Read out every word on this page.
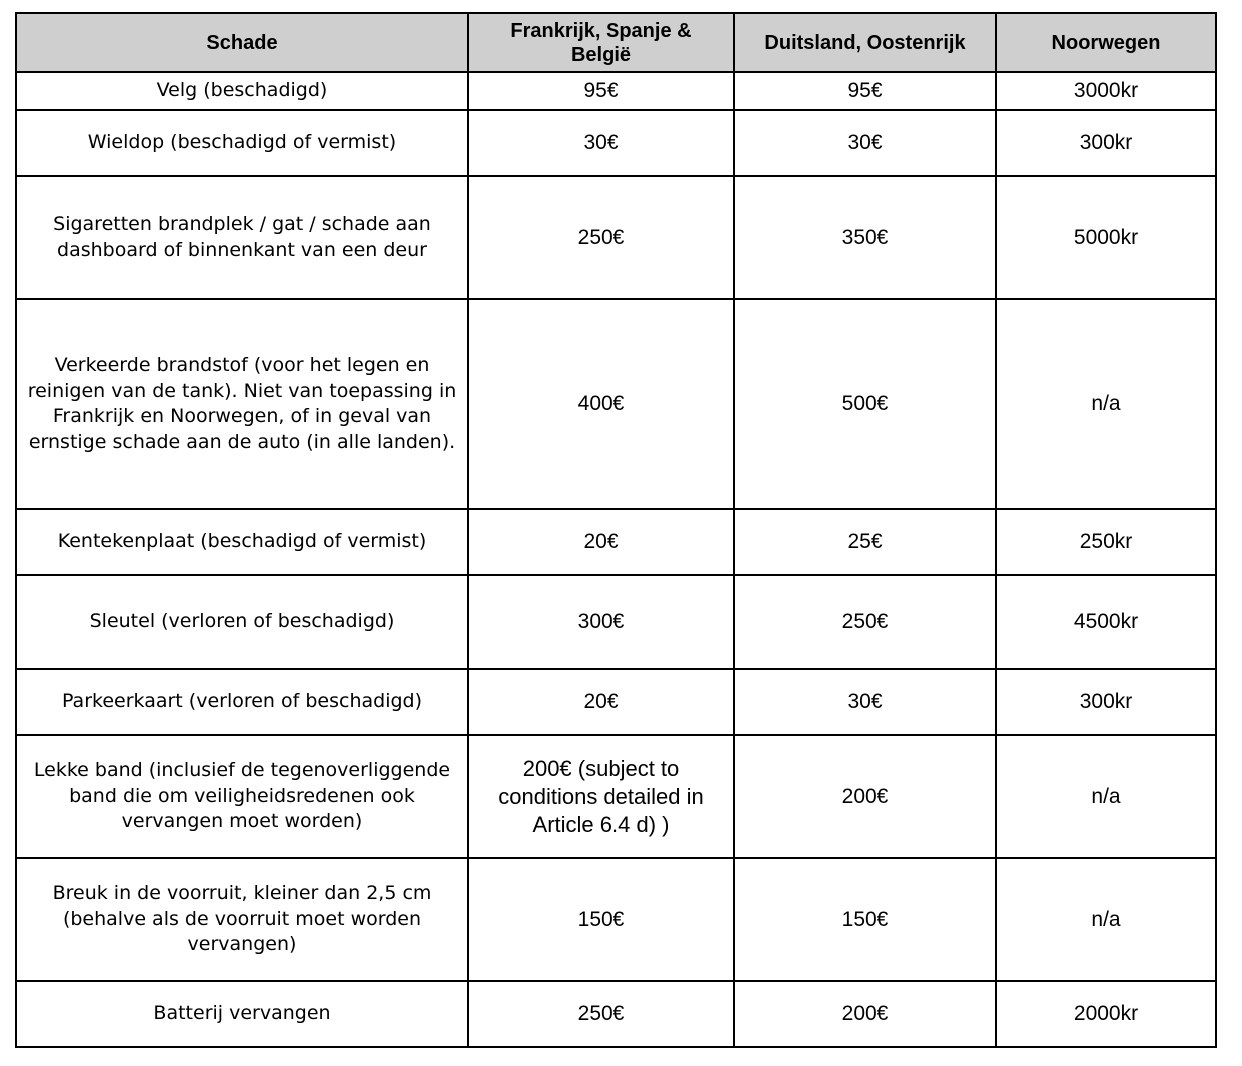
Schade	Frankrijk, Spanje & België	Duitsland, Oostenrijk	Noorwegen
Velg (beschadigd)	95€	95€	3000kr
Wieldop (beschadigd of vermist)	30€	30€	300kr
Sigaretten brandplek / gat / schade aan dashboard of binnenkant van een deur	250€	350€	5000kr
Verkeerde brandstof (voor het legen en reinigen van de tank). Niet van toepassing in Frankrijk en Noorwegen, of in geval van ernstige schade aan de auto (in alle landen).	400€	500€	n/a
Kentekenplaat (beschadigd of vermist)	20€	25€	250kr
Sleutel (verloren of beschadigd)	300€	250€	4500kr
Parkeerkaart (verloren of beschadigd)	20€	30€	300kr
Lekke band (inclusief de tegenoverliggende band die om veiligheidsredenen ook vervangen moet worden)	200€ (subject to conditions detailed in Article 6.4 d) )	200€	n/a
Breuk in de voorruit, kleiner dan 2,5 cm (behalve als de voorruit moet worden vervangen)	150€	150€	n/a
Batterij vervangen	250€	200€	2000kr
